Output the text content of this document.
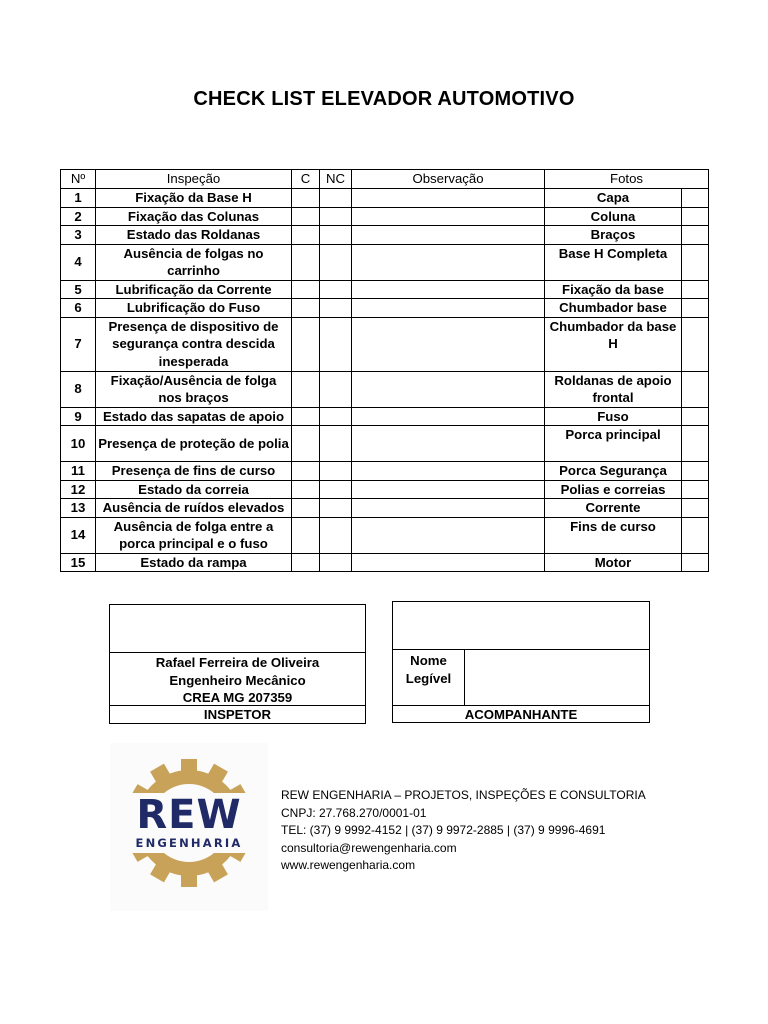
CHECK LIST ELEVADOR AUTOMOTIVO
Nº	Inspeção	C	NC	Observação	Fotos	
1	Fixação da Base H				Capa	
2	Fixação das Colunas				Coluna	
3	Estado das Roldanas				Braços	
4	Ausência de folgas no carrinho				Base H Completa	
5	Lubrificação da Corrente				Fixação da base	
6	Lubrificação do Fuso				Chumbador base	
7	Presença de dispositivo de segurança contra descida inesperada				Chumbador da base H	
8	Fixação/Ausência de folga nos braços				Roldanas de apoio frontal	
9	Estado das sapatas de apoio				Fuso	
10	Presença de proteção de polia				Porca principal	
11	Presença de fins de curso				Porca Segurança	
12	Estado da correia				Polias e correias	
13	Ausência de ruídos elevados				Corrente	
14	Ausência de folga entre a porca principal e o fuso				Fins de curso	
15	Estado da rampa				Motor	
Rafael Ferreira de Oliveira
Engenheiro Mecânico
CREA MG 207359
INSPETOR
Nome
Legível
ACOMPANHANTE
REW
ENGENHARIA
REW ENGENHARIA – PROJETOS, INSPEÇÕES E CONSULTORIA
CNPJ: 27.768.270/0001-01
TEL: (37) 9 9992-4152 | (37) 9 9972-2885 | (37) 9 9996-4691
consultoria@rewengenharia.com
www.rewengenharia.com
